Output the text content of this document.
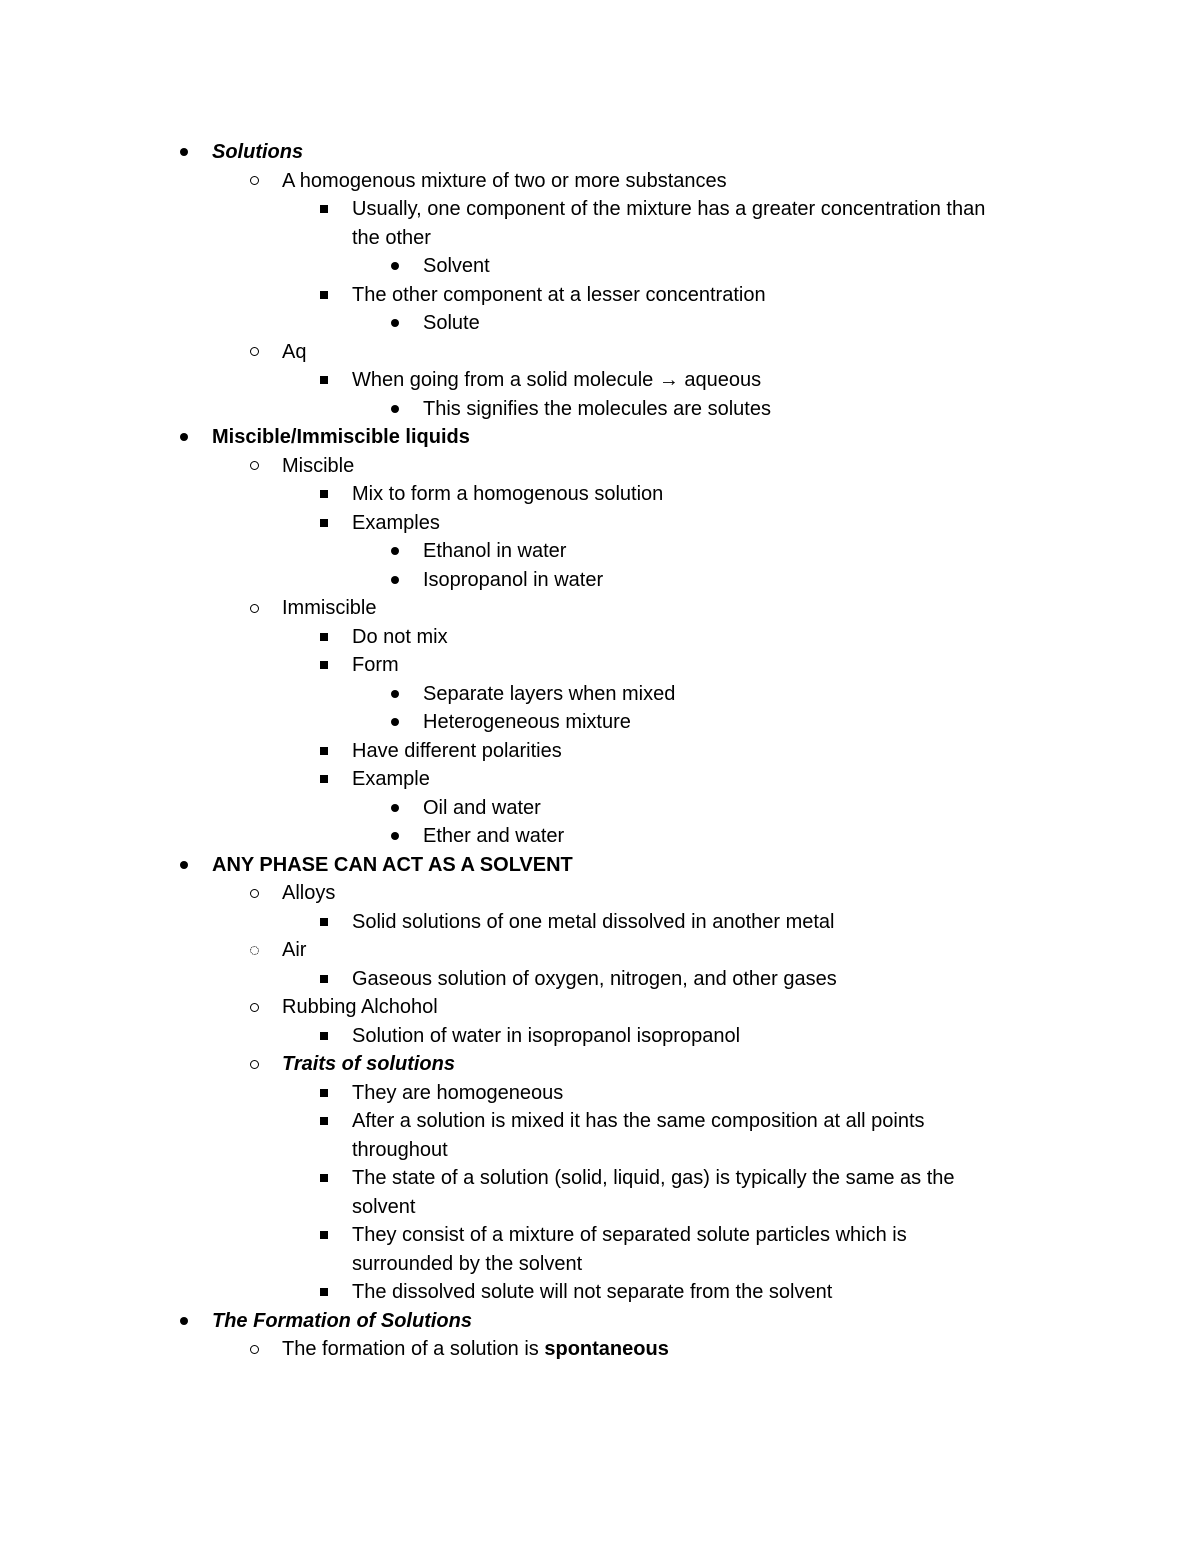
Solutions
A homogenous mixture of two or more substances
Usually, one component of the mixture has a greater concentration than
the other
Solvent
The other component at a lesser concentration
Solute
Aq
When going from a solid molecule → aqueous
This signifies the molecules are solutes
Miscible/Immiscible liquids
Miscible
Mix to form a homogenous solution
Examples
Ethanol in water
Isopropanol in water
Immiscible
Do not mix
Form
Separate layers when mixed
Heterogeneous mixture
Have different polarities
Example
Oil and water
Ether and water
ANY PHASE CAN ACT AS A SOLVENT
Alloys
Solid solutions of one metal dissolved in another metal
Air
Gaseous solution of oxygen, nitrogen, and other gases
Rubbing Alchohol
Solution of water in isopropanol isopropanol
Traits of solutions
They are homogeneous
After a solution is mixed it has the same composition at all points
throughout
The state of a solution (solid, liquid, gas) is typically the same as the
solvent
They consist of a mixture of separated solute particles which is
surrounded by the solvent
The dissolved solute will not separate from the solvent
The Formation of Solutions
The formation of a solution is spontaneous
